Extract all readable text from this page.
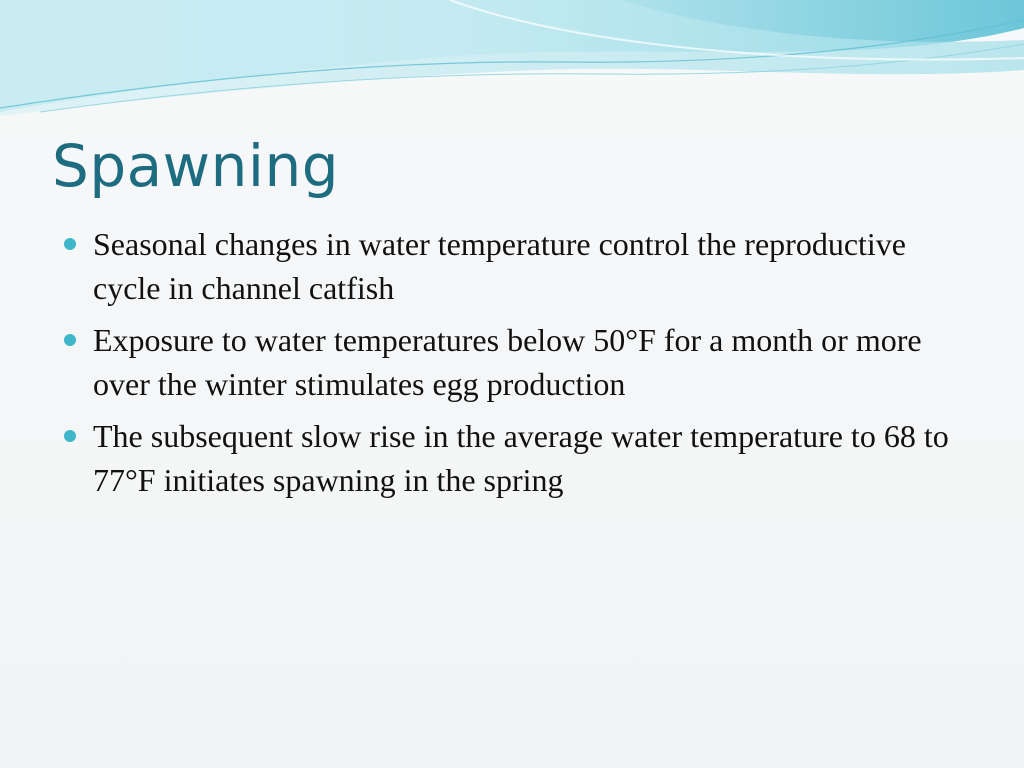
Spawning
Seasonal changes in water temperature control the reproductive cycle in channel catfish
Exposure to water temperatures below 50°F for a month or more over the winter stimulates egg production
The subsequent slow rise in the average water temperature to 68 to 77°F initiates spawning in the spring
